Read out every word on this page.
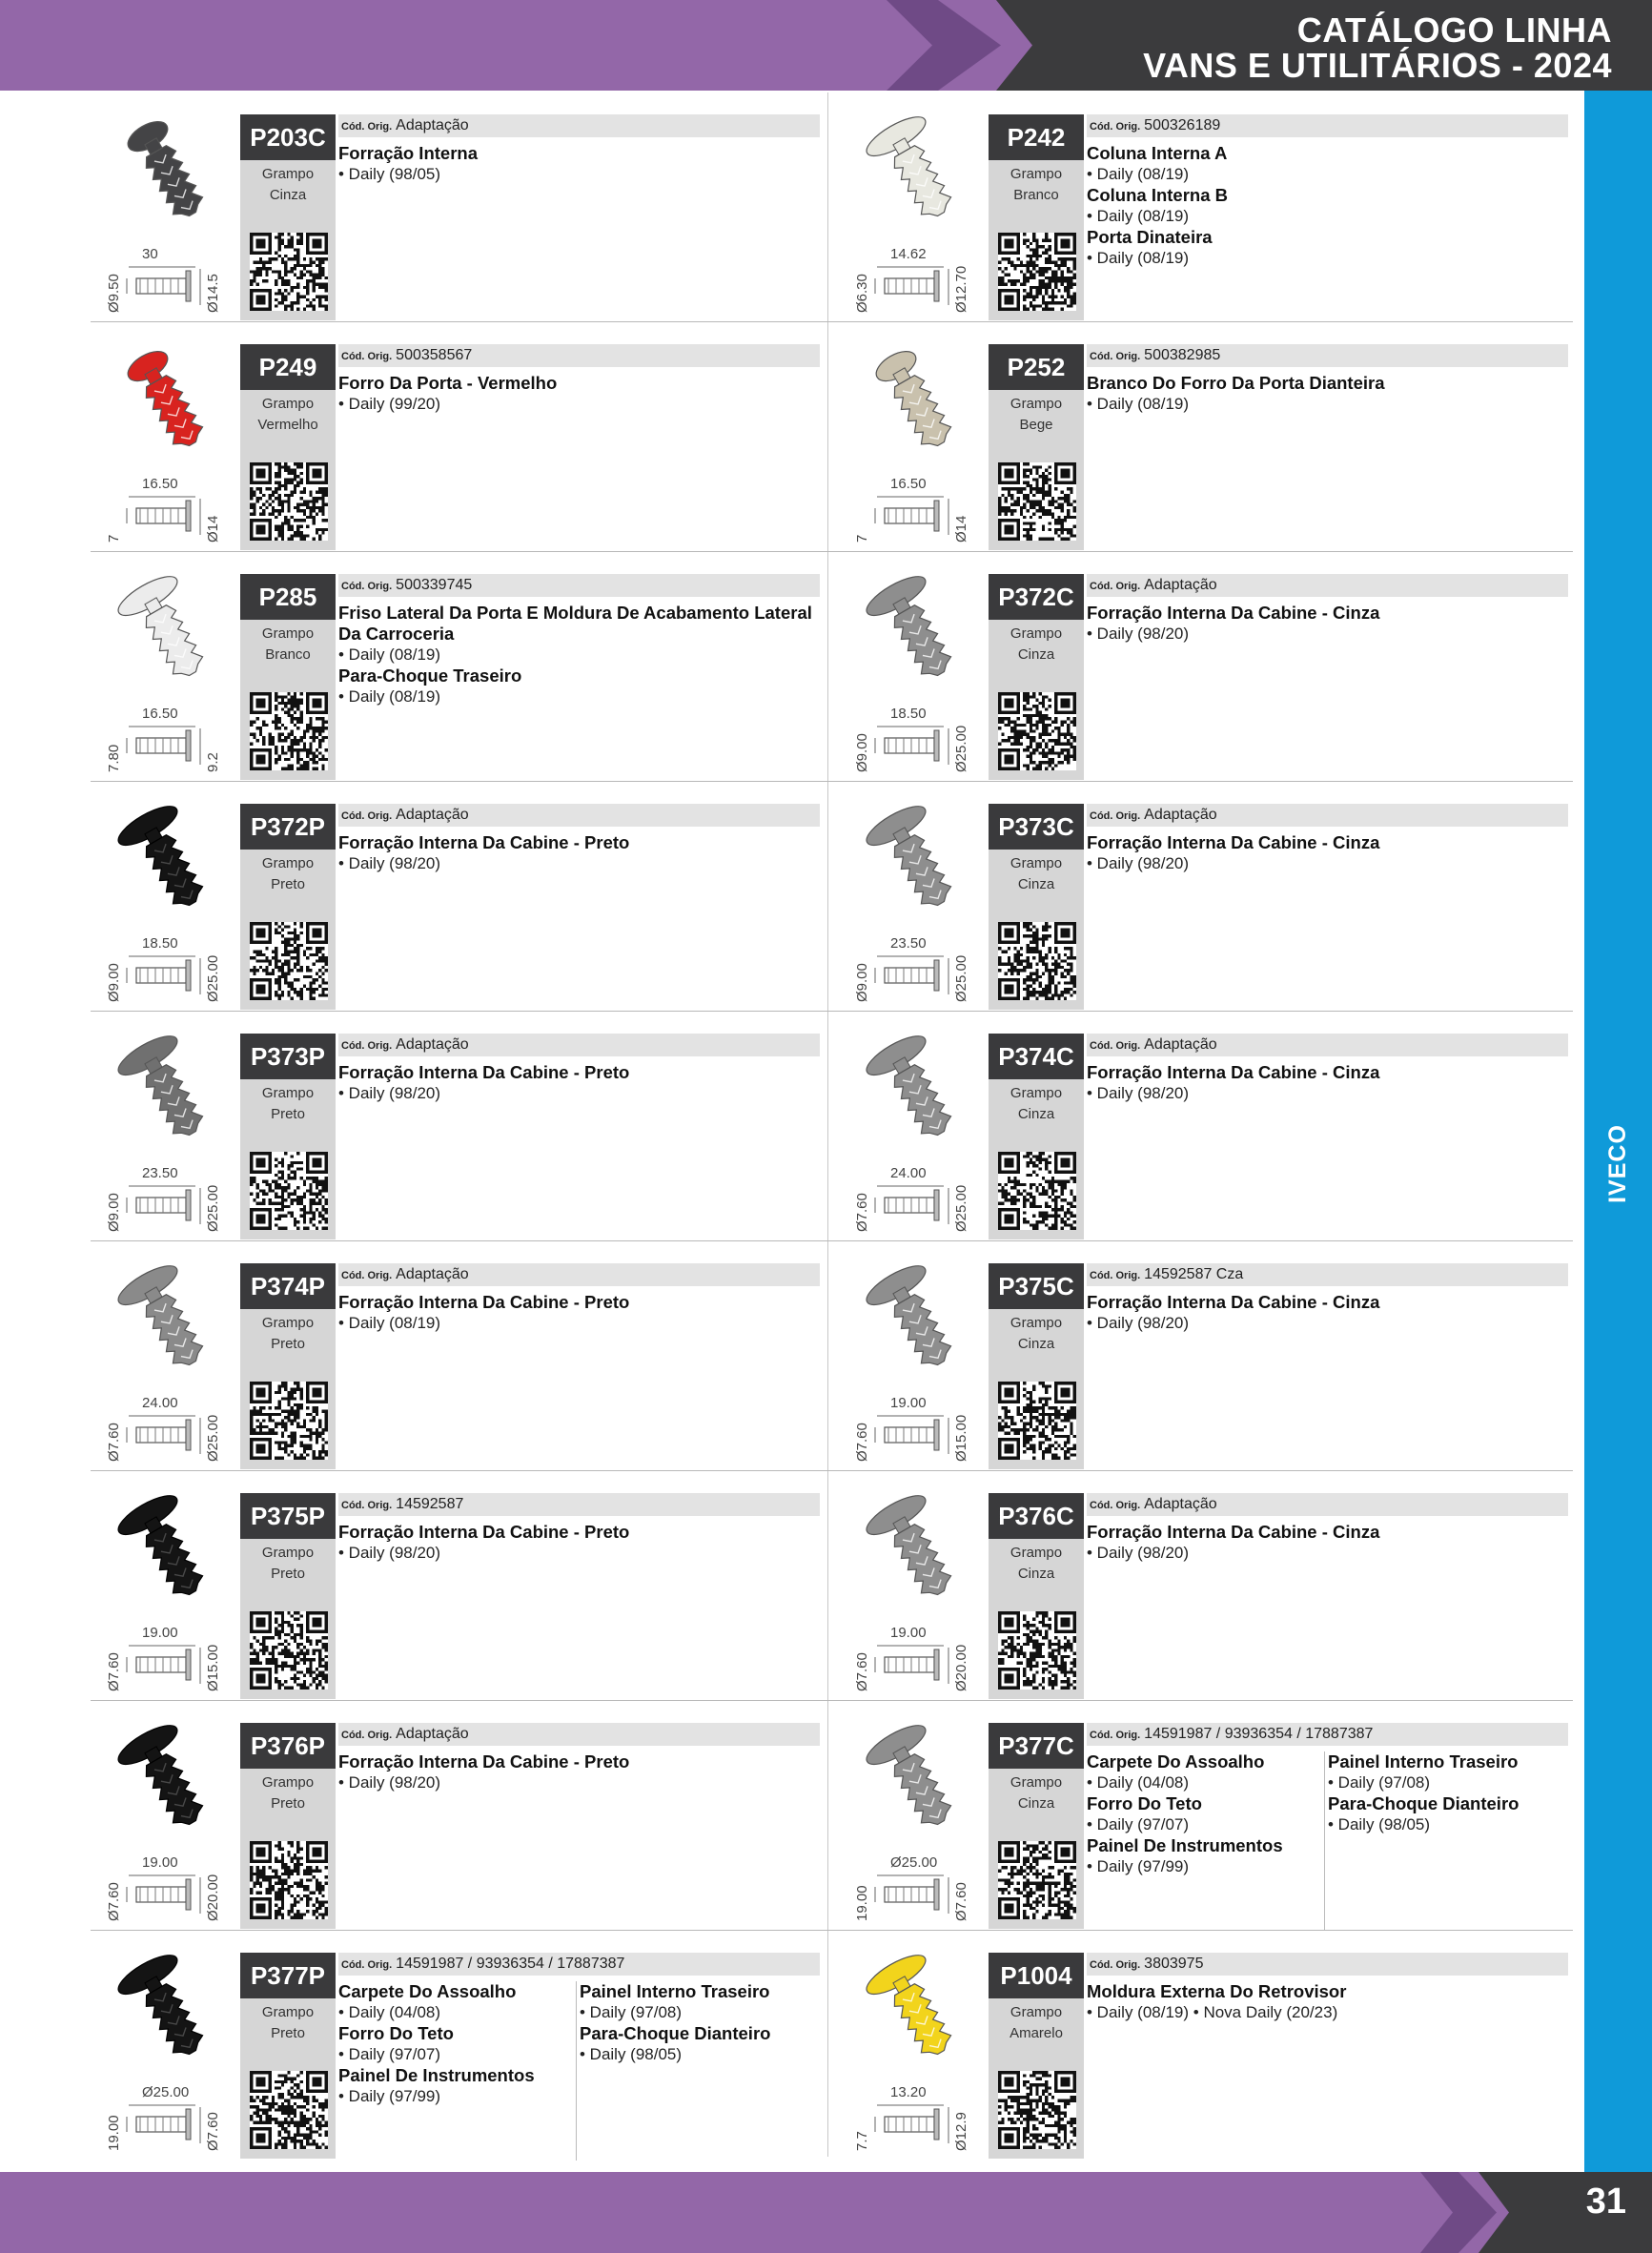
CATÁLOGO LINHA
VANS E UTILITÁRIOS - 2024
IVECO
30
Ø9.50	Ø14.5
P203C
Grampo
Cinza
Cód. Orig. Adaptação
Forração Interna
• Daily (98/05)
14.62
Ø6.30	Ø12.70
P242
Grampo
Branco
Cód. Orig. 500326189
Coluna Interna A
• Daily (08/19)
Coluna Interna B
• Daily (08/19)
Porta Dinateira
• Daily (08/19)
16.50
7	Ø14
P249
Grampo
Vermelho
Cód. Orig. 500358567
Forro Da Porta - Vermelho
• Daily (99/20)
16.50
7	Ø14
P252
Grampo
Bege
Cód. Orig. 500382985
Branco Do Forro Da Porta Dianteira
• Daily (08/19)
16.50
7.80	9.2
P285
Grampo
Branco
Cód. Orig. 500339745
Friso Lateral Da Porta E Moldura De Acabamento Lateral Da Carroceria
• Daily (08/19)
Para-Choque Traseiro
• Daily (08/19)
18.50
Ø9.00	Ø25.00
P372C
Grampo
Cinza
Cód. Orig. Adaptação
Forração Interna Da Cabine - Cinza
• Daily (98/20)
18.50
Ø9.00	Ø25.00
P372P
Grampo
Preto
Cód. Orig. Adaptação
Forração Interna Da Cabine - Preto
• Daily (98/20)
23.50
Ø9.00	Ø25.00
P373C
Grampo
Cinza
Cód. Orig. Adaptação
Forração Interna Da Cabine - Cinza
• Daily (98/20)
23.50
Ø9.00	Ø25.00
P373P
Grampo
Preto
Cód. Orig. Adaptação
Forração Interna Da Cabine - Preto
• Daily (98/20)
24.00
Ø7.60	Ø25.00
P374C
Grampo
Cinza
Cód. Orig. Adaptação
Forração Interna Da Cabine - Cinza
• Daily (98/20)
24.00
Ø7.60	Ø25.00
P374P
Grampo
Preto
Cód. Orig. Adaptação
Forração Interna Da Cabine - Preto
• Daily (08/19)
19.00
Ø7.60	Ø15.00
P375C
Grampo
Cinza
Cód. Orig. 14592587 Cza
Forração Interna Da Cabine - Cinza
• Daily (98/20)
19.00
Ø7.60	Ø15.00
P375P
Grampo
Preto
Cód. Orig. 14592587
Forração Interna Da Cabine - Preto
• Daily (98/20)
19.00
Ø7.60	Ø20.00
P376C
Grampo
Cinza
Cód. Orig. Adaptação
Forração Interna Da Cabine - Cinza
• Daily (98/20)
19.00
Ø7.60	Ø20.00
P376P
Grampo
Preto
Cód. Orig. Adaptação
Forração Interna Da Cabine - Preto
• Daily (98/20)
Ø25.00
19.00	Ø7.60
P377C
Grampo
Cinza
Cód. Orig. 14591987 / 93936354 / 17887387
Carpete Do Assoalho
• Daily (04/08)
Forro Do Teto
• Daily (97/07)
Painel De Instrumentos
• Daily (97/99)
Painel Interno Traseiro
• Daily (97/08)
Para-Choque Dianteiro
• Daily (98/05)
Ø25.00
19.00	Ø7.60
P377P
Grampo
Preto
Cód. Orig. 14591987 / 93936354 / 17887387
Carpete Do Assoalho
• Daily (04/08)
Forro Do Teto
• Daily (97/07)
Painel De Instrumentos
• Daily (97/99)
Painel Interno Traseiro
• Daily (97/08)
Para-Choque Dianteiro
• Daily (98/05)
13.20
7.7	Ø12.9
P1004
Grampo
Amarelo
Cód. Orig. 3803975
Moldura Externa Do Retrovisor
• Daily (08/19) • Nova Daily (20/23)
31
